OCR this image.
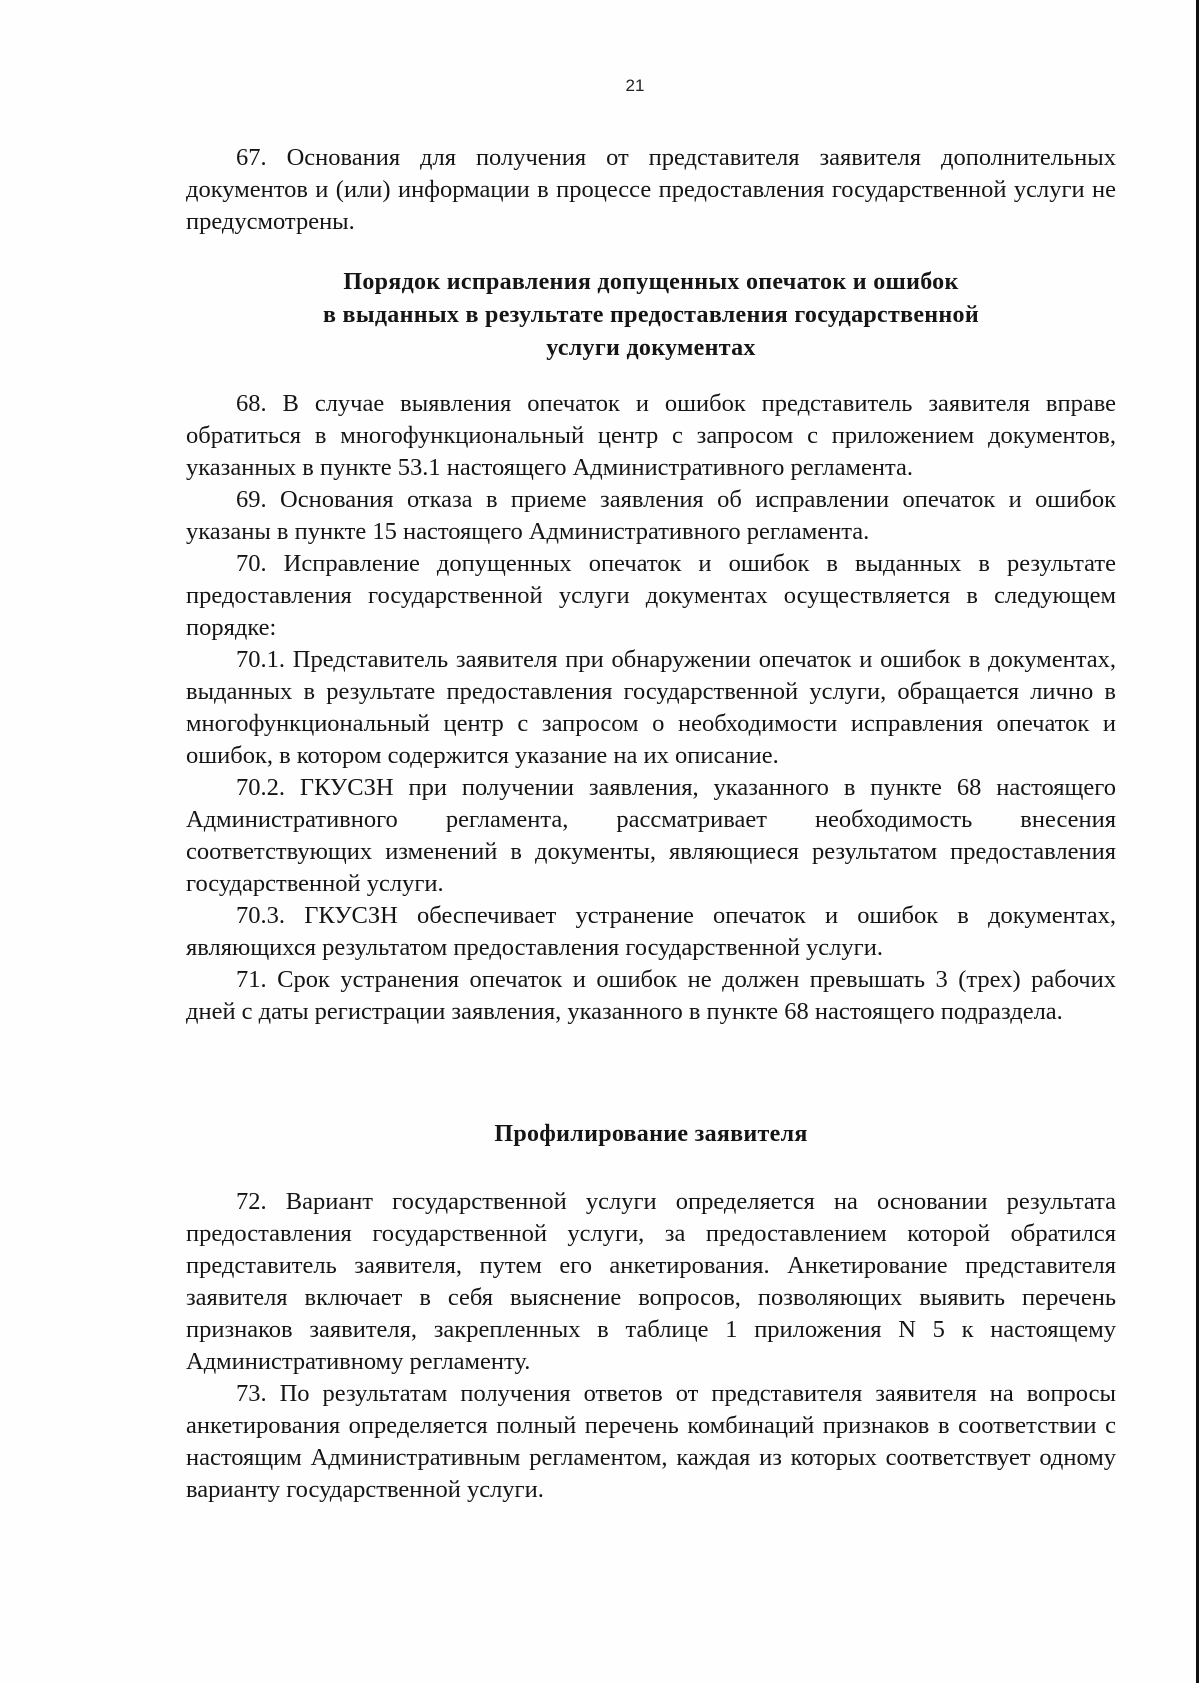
21

67. Основания для получения от представителя заявителя дополнительных документов и (или) информации в процессе предоставления государственной услуги не предусмотрены.

Порядок исправления допущенных опечаток и ошибок
в выданных в результате предоставления государственной
услуги документах

68. В случае выявления опечаток и ошибок представитель заявителя вправе обратиться в многофункциональный центр с запросом с приложением документов, указанных в пункте 53.1 настоящего Административного регламента.

69. Основания отказа в приеме заявления об исправлении опечаток и ошибок указаны в пункте 15 настоящего Административного регламента.

70. Исправление допущенных опечаток и ошибок в выданных в результате предоставления государственной услуги документах осуществляется в следующем порядке:

70.1. Представитель заявителя при обнаружении опечаток и ошибок в документах, выданных в результате предоставления государственной услуги, обращается лично в многофункциональный центр с запросом о необходимости исправления опечаток и ошибок, в котором содержится указание на их описание.

70.2. ГКУСЗН при получении заявления, указанного в пункте 68 настоящего Административного регламента, рассматривает необходимость внесения соответствующих изменений в документы, являющиеся результатом предоставления государственной услуги.

70.3. ГКУСЗН обеспечивает устранение опечаток и ошибок в документах, являющихся результатом предоставления государственной услуги.

71. Срок устранения опечаток и ошибок не должен превышать 3 (трех) рабочих дней с даты регистрации заявления, указанного в пункте 68 настоящего подраздела.

Профилирование заявителя

72. Вариант государственной услуги определяется на основании результата предоставления государственной услуги, за предоставлением которой обратился представитель заявителя, путем его анкетирования. Анкетирование представителя заявителя включает в себя выяснение вопросов, позволяющих выявить перечень признаков заявителя, закрепленных в таблице 1 приложения N 5 к настоящему Административному регламенту.

73. По результатам получения ответов от представителя заявителя на вопросы анкетирования определяется полный перечень комбинаций признаков в соответствии с настоящим Административным регламентом, каждая из которых соответствует одному варианту государственной услуги.
